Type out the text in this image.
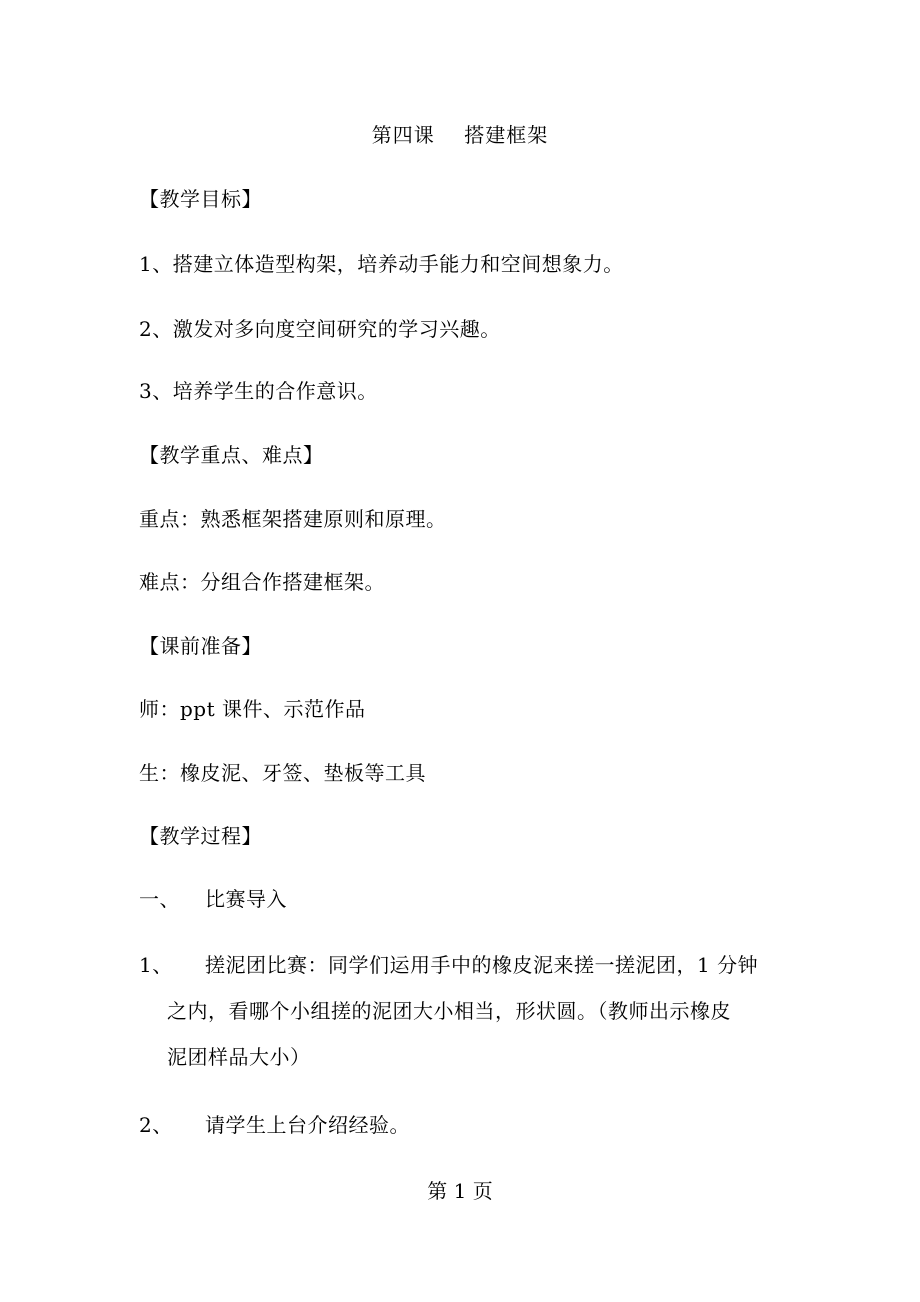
第四课    搭建框架
【教学目标】
1、搭建立体造型构架，培养动手能力和空间想象力。
2、激发对多向度空间研究的学习兴趣。
3、培养学生的合作意识。
【教学重点、难点】
重点：熟悉框架搭建原则和原理。
难点：分组合作搭建框架。
【课前准备】
师：ppt 课件、示范作品
生：橡皮泥、牙签、垫板等工具
【教学过程】
一、 比赛导入
1、 搓泥团比赛：同学们运用手中的橡皮泥来搓一搓泥团，1 分钟
之内，看哪个小组搓的泥团大小相当，形状圆。（教师出示橡皮
泥团样品大小）
2、 请学生上台介绍经验。
第 1 页
